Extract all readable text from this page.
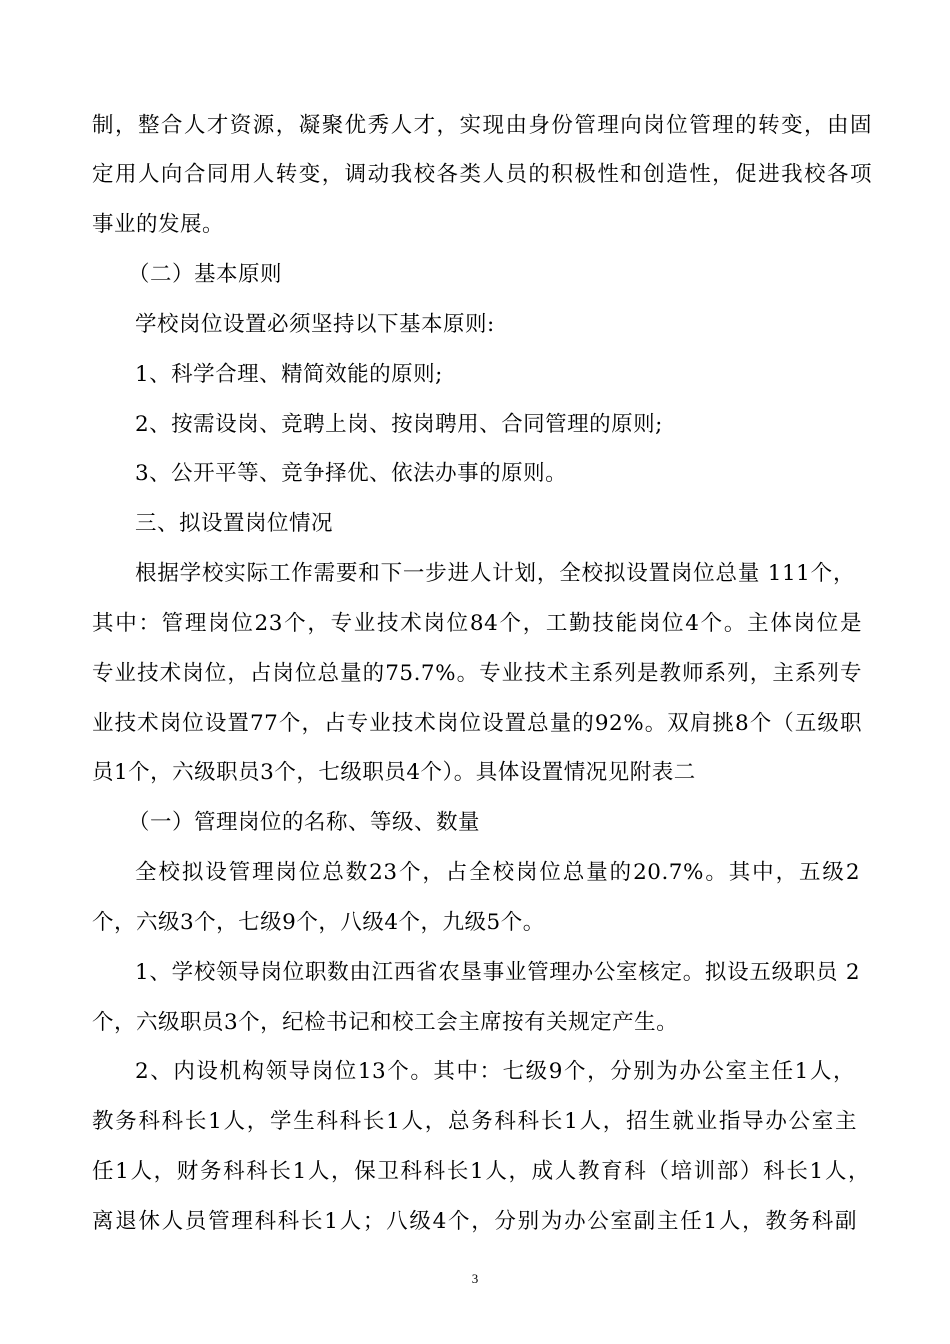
制，整合人才资源，凝聚优秀人才，实现由身份管理向岗位管理的转变，由固
定用人向合同用人转变，调动我校各类人员的积极性和创造性，促进我校各项
事业的发展。
（二）基本原则
学校岗位设置必须坚持以下基本原则:
1、科学合理、精简效能的原则;
2、按需设岗、竞聘上岗、按岗聘用、合同管理的原则;
3、公开平等、竞争择优、依法办事的原则。
三、拟设置岗位情况
根据学校实际工作需要和下一步进人计划，全校拟设置岗位总量 111个，
其中：管理岗位23个，专业技术岗位84个，工勤技能岗位4个。主体岗位是
专业技术岗位，占岗位总量的75.7%。专业技术主系列是教师系列，主系列专
业技术岗位设置77个，占专业技术岗位设置总量的92%。双肩挑8个（五级职
员1个，六级职员3个，七级职员4个）。具体设置情况见附表二
（一）管理岗位的名称、等级、数量
全校拟设管理岗位总数23个，占全校岗位总量的20.7%。其中，五级2
个，六级3个，七级9个，八级4个，九级5个。
1、学校领导岗位职数由江西省农垦事业管理办公室核定。拟设五级职员 2
个，六级职员3个，纪检书记和校工会主席按有关规定产生。
2、内设机构领导岗位13个。其中：七级9个，分别为办公室主任1人，
教务科科长1人，学生科科长1人，总务科科长1人，招生就业指导办公室主
任1人，财务科科长1人，保卫科科长1人，成人教育科（培训部）科长1人，
离退休人员管理科科长1人；八级4个，分别为办公室副主任1人，教务科副
3
